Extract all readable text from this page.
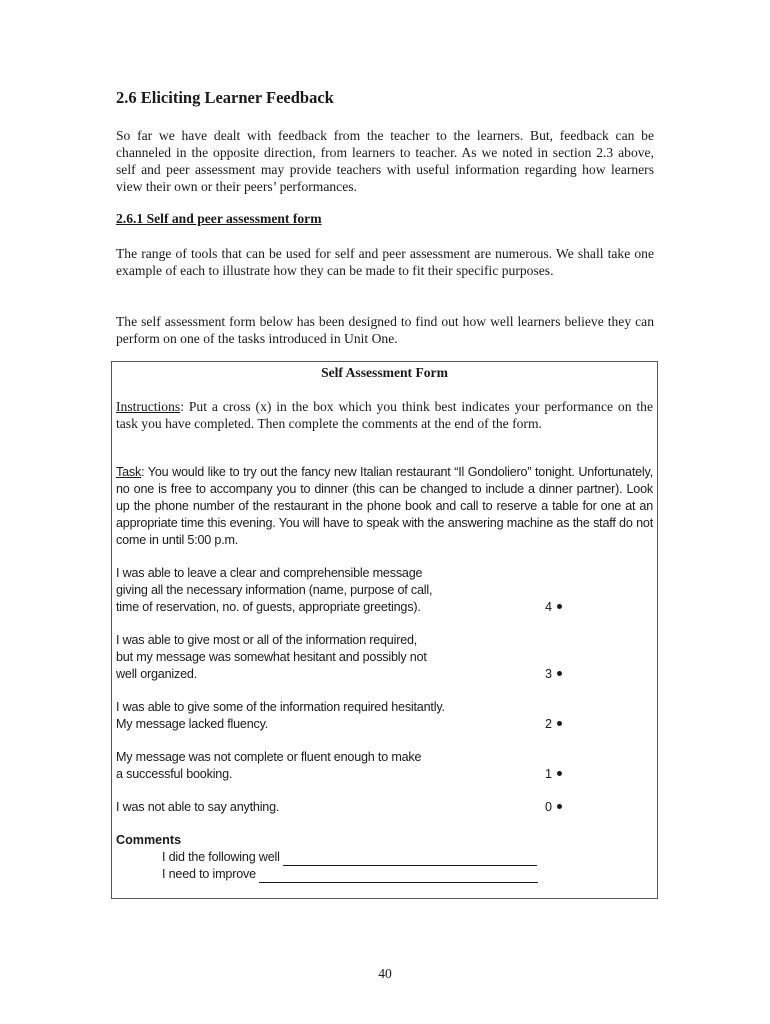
2.6 Eliciting Learner Feedback

So far we have dealt with feedback from the teacher to the learners. But, feedback can be channeled in the opposite direction, from learners to teacher. As we noted in section 2.3 above, self and peer assessment may provide teachers with useful information regarding how learners view their own or their peers’ performances.

2.6.1 Self and peer assessment form

The range of tools that can be used for self and peer assessment are numerous. We shall take one example of each to illustrate how they can be made to fit their specific purposes.

The self assessment form below has been designed to find out how well learners believe they can perform on one of the tasks introduced in Unit One.

Self Assessment Form

Instructions: Put a cross (x) in the box which you think best indicates your performance on the task you have completed. Then complete the comments at the end of the form.

Task: You would like to try out the fancy new Italian restaurant “Il Gondoliero” tonight. Unfortunately, no one is free to accompany you to dinner (this can be changed to include a dinner partner). Look up the phone number of the restaurant in the phone book and call to reserve a table for one at an appropriate time this evening. You will have to speak with the answering machine as the staff do not come in until 5:00 p.m.

I was able to leave a clear and comprehensible message
giving all the necessary information (name, purpose of call,
time of reservation, no. of guests, appropriate greetings).	4
I was able to give most or all of the information required,
but my message was somewhat hesitant and possibly not
well organized.	3
I was able to give some of the information required hesitantly.
My message lacked fluency.	2
My message was not complete or fluent enough to make
a successful booking.	1
I was not able to say anything.	0
Comments
I did the following well
I need to improve
40
